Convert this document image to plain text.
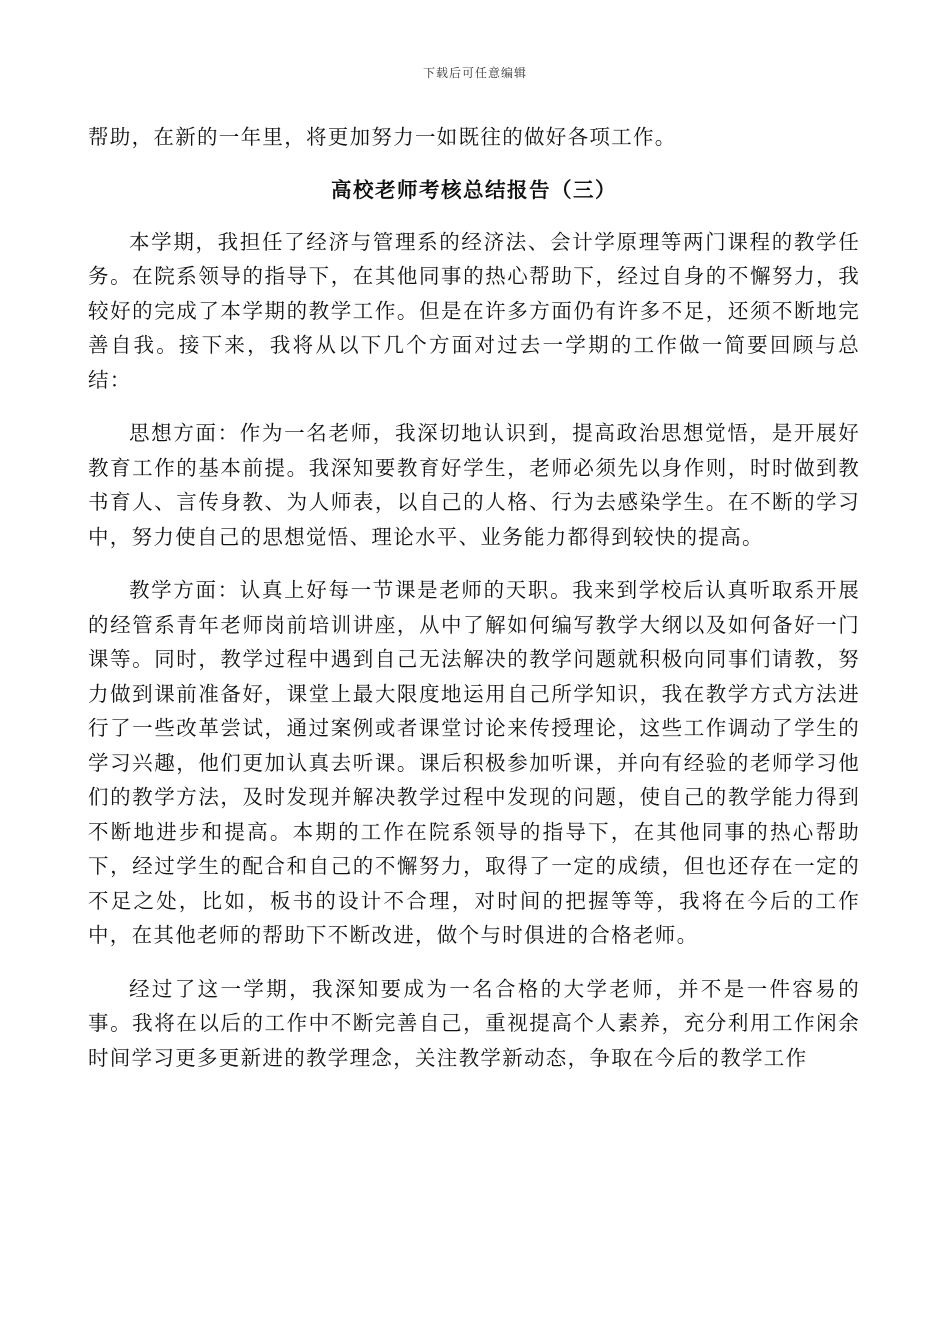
下载后可任意编辑

帮助，在新的一年里，将更加努力一如既往的做好各项工作。

高校老师考核总结报告（三）

本学期，我担任了经济与管理系的经济法、会计学原理等两门课程的教学任务。在院系领导的指导下，在其他同事的热心帮助下，经过自身的不懈努力，我较好的完成了本学期的教学工作。但是在许多方面仍有许多不足，还须不断地完善自我。接下来，我将从以下几个方面对过去一学期的工作做一简要回顾与总结：

思想方面：作为一名老师，我深切地认识到，提高政治思想觉悟，是开展好教育工作的基本前提。我深知要教育好学生，老师必须先以身作则，时时做到教书育人、言传身教、为人师表，以自己的人格、行为去感染学生。在不断的学习中，努力使自己的思想觉悟、理论水平、业务能力都得到较快的提高。

教学方面：认真上好每一节课是老师的天职。我来到学校后认真听取系开展的经管系青年老师岗前培训讲座，从中了解如何编写教学大纲以及如何备好一门课等。同时，教学过程中遇到自己无法解决的教学问题就积极向同事们请教，努力做到课前准备好，课堂上最大限度地运用自己所学知识，我在教学方式方法进行了一些改革尝试，通过案例或者课堂讨论来传授理论，这些工作调动了学生的学习兴趣，他们更加认真去听课。课后积极参加听课，并向有经验的老师学习他们的教学方法，及时发现并解决教学过程中发现的问题，使自己的教学能力得到不断地进步和提高。本期的工作在院系领导的指导下，在其他同事的热心帮助下，经过学生的配合和自己的不懈努力，取得了一定的成绩，但也还存在一定的不足之处，比如，板书的设计不合理，对时间的把握等等，我将在今后的工作中，在其他老师的帮助下不断改进，做个与时俱进的合格老师。

经过了这一学期，我深知要成为一名合格的大学老师，并不是一件容易的事。我将在以后的工作中不断完善自己，重视提高个人素养，充分利用工作闲余时间学习更多更新进的教学理念，关注教学新动态，争取在今后的教学工作
